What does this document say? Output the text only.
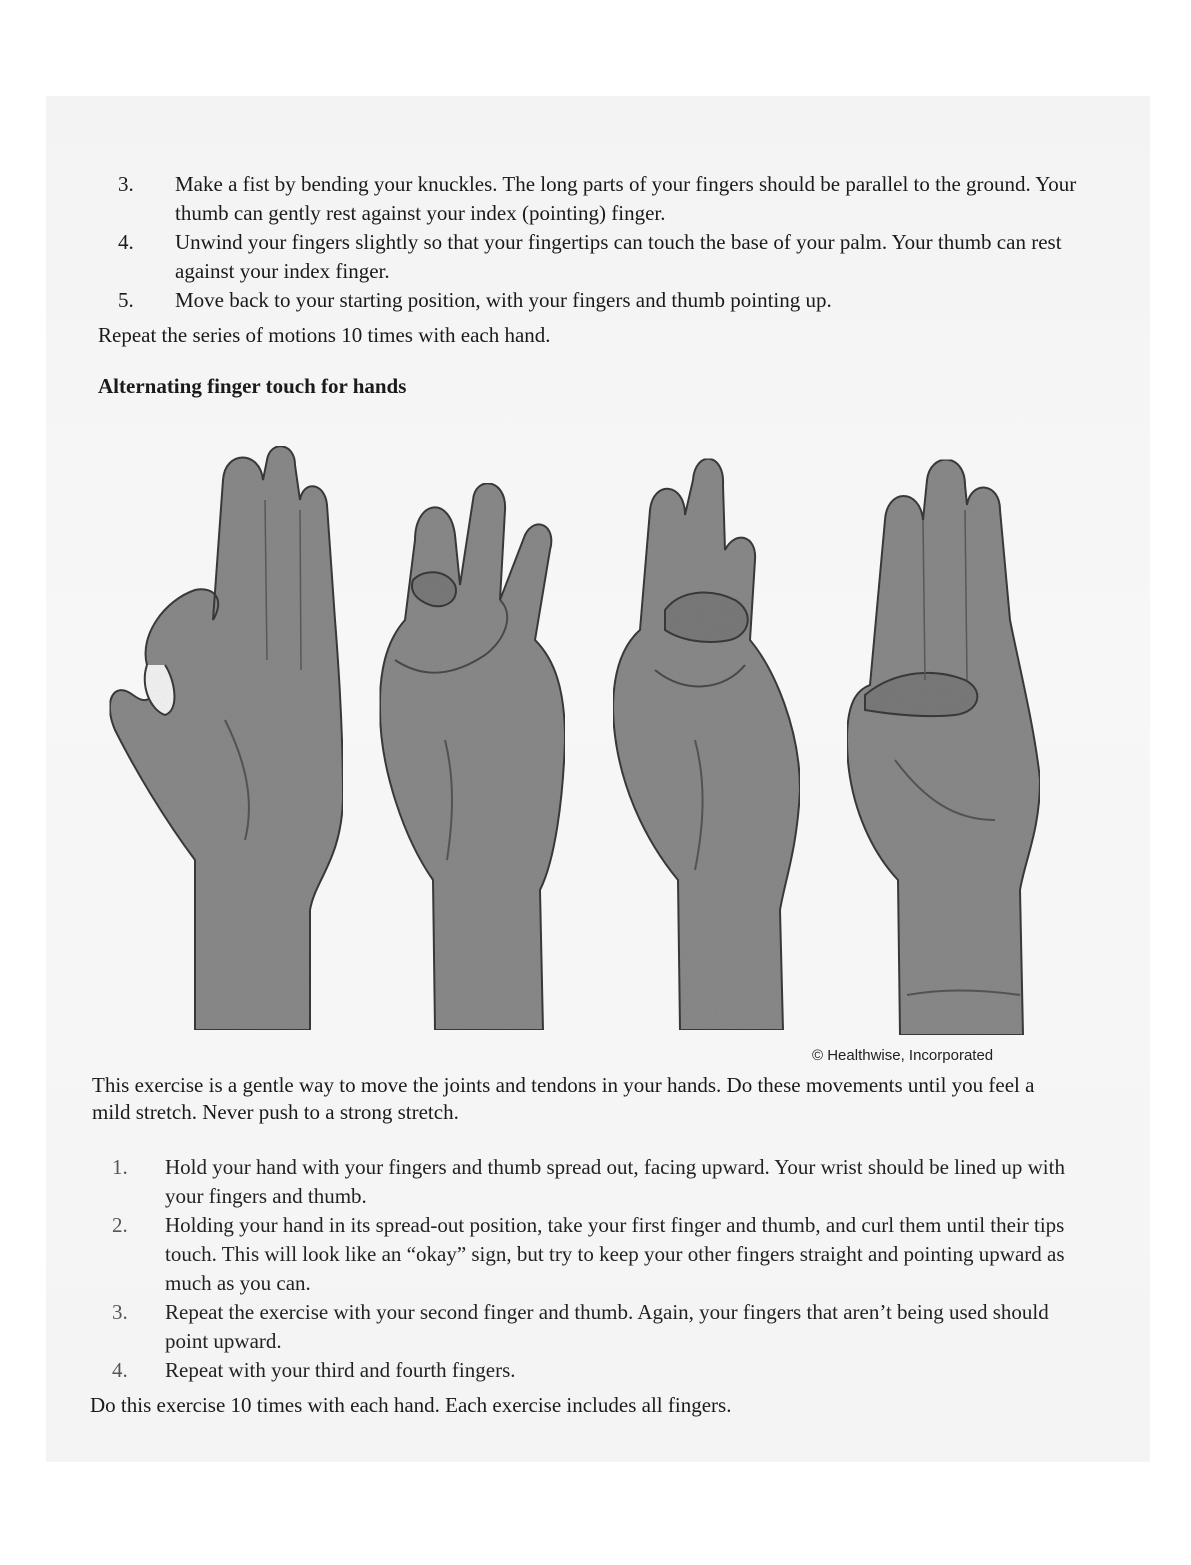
3. Make a fist by bending your knuckles. The long parts of your fingers should be parallel to the ground. Your thumb can gently rest against your index (pointing) finger.
4. Unwind your fingers slightly so that your fingertips can touch the base of your palm. Your thumb can rest against your index finger.
5. Move back to your starting position, with your fingers and thumb pointing up.
Repeat the series of motions 10 times with each hand.
Alternating finger touch for hands
© Healthwise, Incorporated
This exercise is a gentle way to move the joints and tendons in your hands. Do these movements until you feel a mild stretch. Never push to a strong stretch.
1. Hold your hand with your fingers and thumb spread out, facing upward. Your wrist should be lined up with your fingers and thumb.
2. Holding your hand in its spread-out position, take your first finger and thumb, and curl them until their tips touch. This will look like an “okay” sign, but try to keep your other fingers straight and pointing upward as much as you can.
3. Repeat the exercise with your second finger and thumb. Again, your fingers that aren’t being used should point upward.
4. Repeat with your third and fourth fingers.
Do this exercise 10 times with each hand. Each exercise includes all fingers.
